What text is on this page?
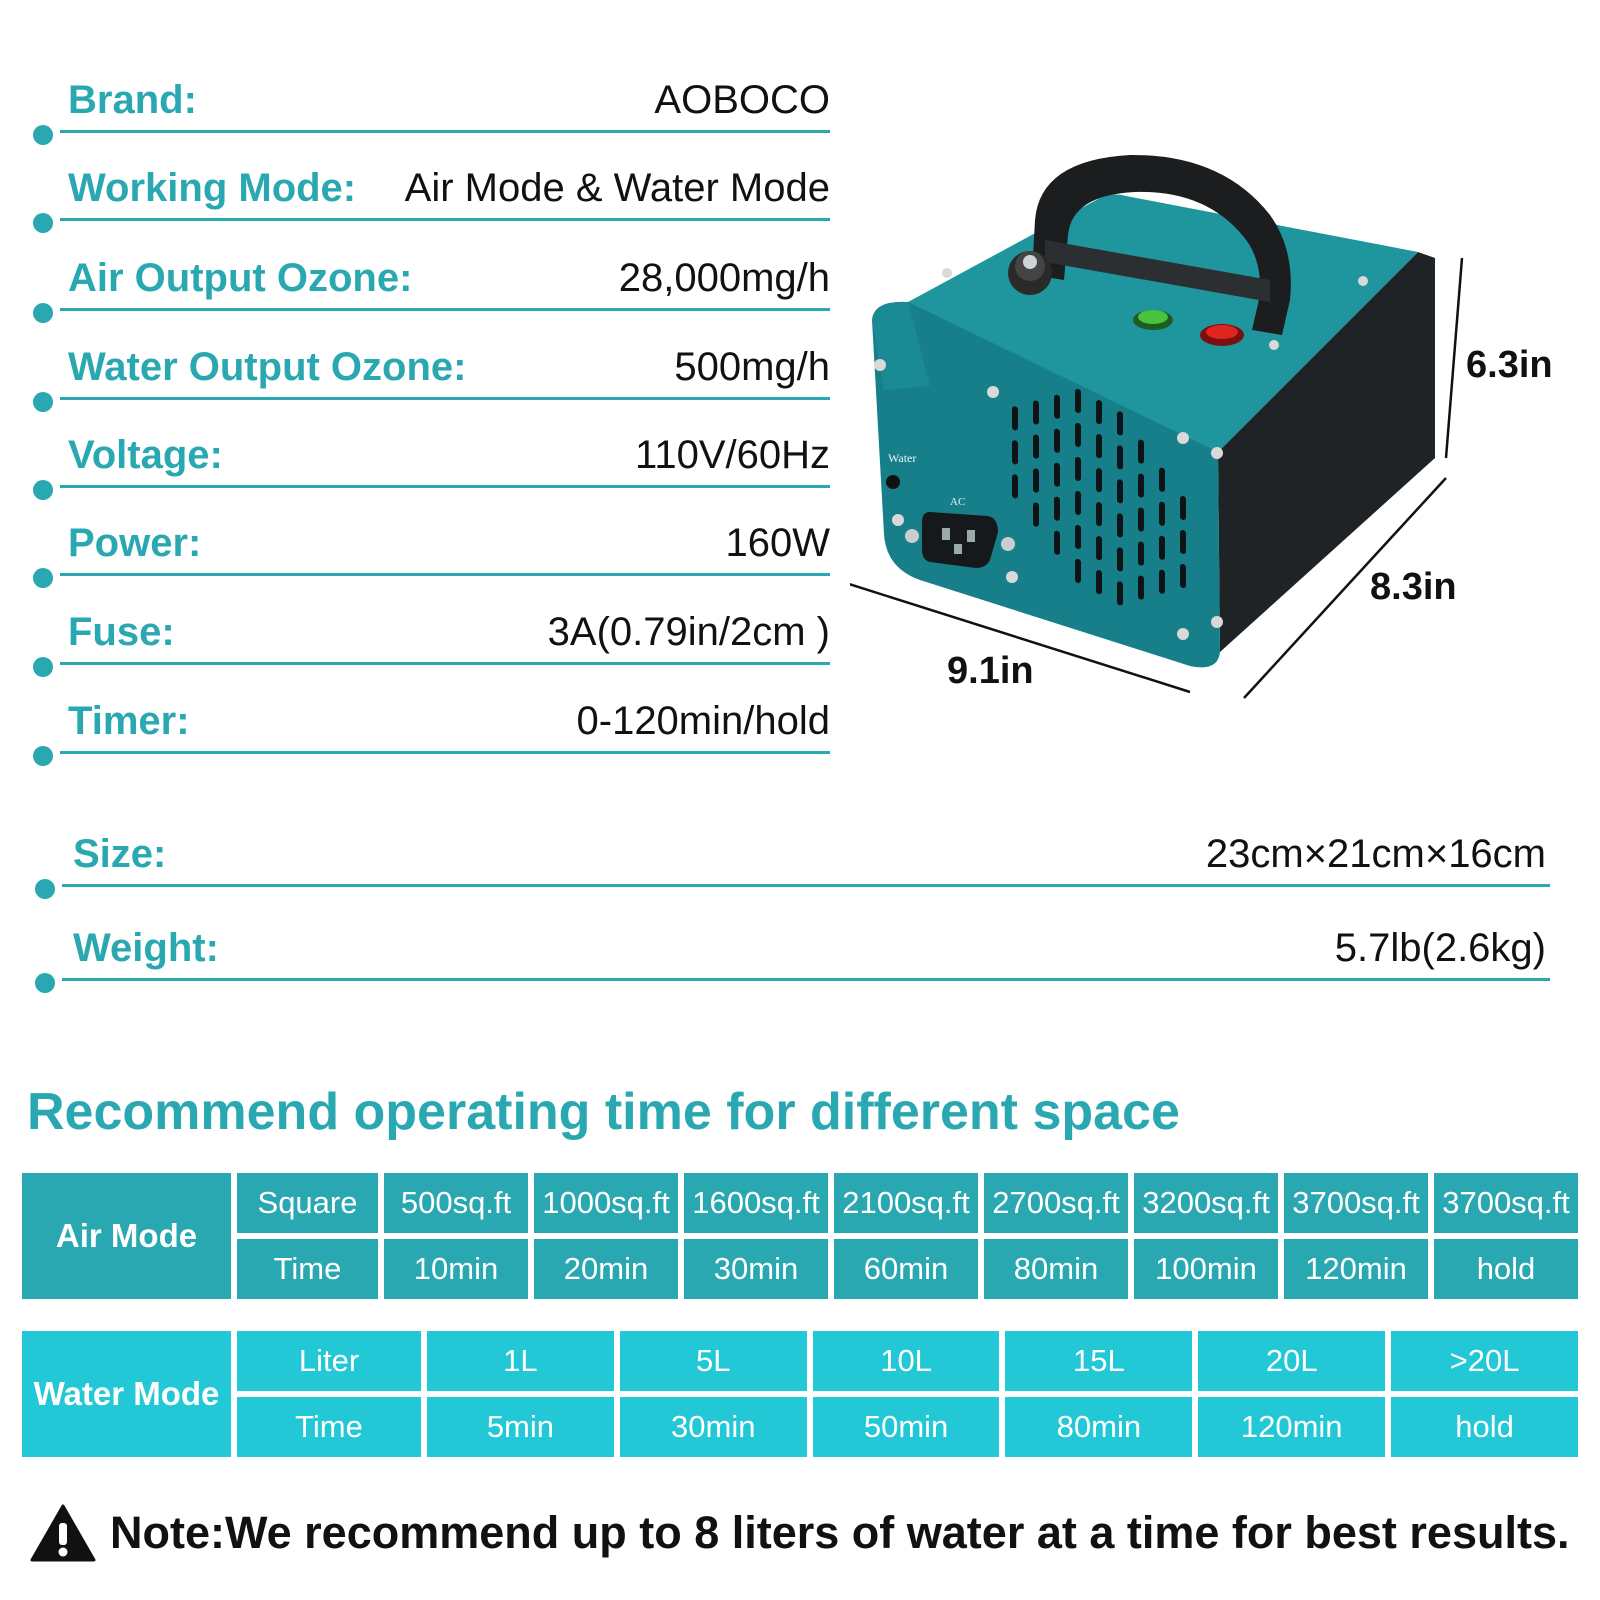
Brand:	AOBOCO
Working Mode: Air Mode & Water Mode
Air Output Ozone:	28,000mg/h
Water Output Ozone:	500mg/h
Voltage:	110V/60Hz
Power:	160W
Fuse:	3A(0.79in/2cm )
Timer:	0-120min/hold
Size:	23cm×21cm×16cm
Weight:	5.7lb(2.6kg)
Water
AC
6.3in
8.3in
9.1in
Recommend operating time for different space
Air Mode	Square	500sq.ft	1000sq.ft	1600sq.ft	2100sq.ft	2700sq.ft	3200sq.ft	3700sq.ft	3700sq.ft
	Time	10min	20min	30min	60min	80min	100min	120min	hold
Water Mode	Liter	1L	5L	10L	15L	20L	>20L
	Time	5min	30min	50min	80min	120min	hold
Note:We recommend up to 8 liters of water at a time for best results.
